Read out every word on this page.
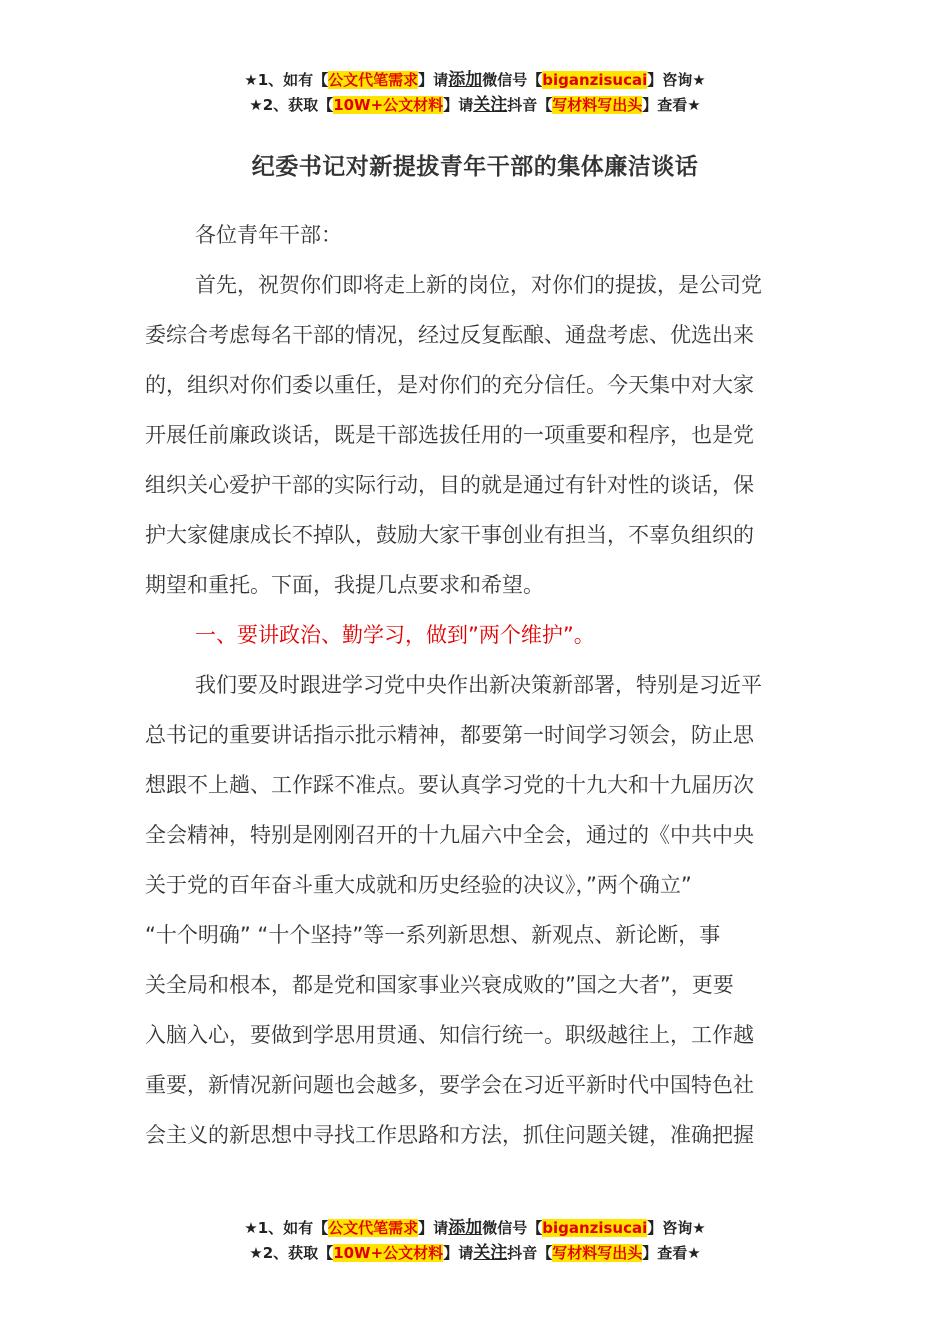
★1、如有【公文代笔需求】请添加微信号【biganzisucai】咨询★
★2、获取【10W+公文材料】请关注抖音【写材料写出头】查看★
纪委书记对新提拔青年干部的集体廉洁谈话
各位青年干部：
首先，祝贺你们即将走上新的岗位，对你们的提拔，是公司党
委综合考虑每名干部的情况，经过反复酝酿、通盘考虑、优选出来
的，组织对你们委以重任，是对你们的充分信任。今天集中对大家
开展任前廉政谈话，既是干部选拔任用的一项重要和程序，也是党
组织关心爱护干部的实际行动，目的就是通过有针对性的谈话，保
护大家健康成长不掉队，鼓励大家干事创业有担当，不辜负组织的
期望和重托。下面，我提几点要求和希望。
一、要讲政治、勤学习，做到”两个维护”。
我们要及时跟进学习党中央作出新决策新部署，特别是习近平
总书记的重要讲话指示批示精神，都要第一时间学习领会，防止思
想跟不上趟、工作踩不准点。要认真学习党的十九大和十九届历次
全会精神，特别是刚刚召开的十九届六中全会，通过的《中共中央
关于党的百年奋斗重大成就和历史经验的决议》，”两个确立”
“十个明确” “十个坚持”等一系列新思想、新观点、新论断，事
关全局和根本，都是党和国家事业兴衰成败的”国之大者”，更要
入脑入心，要做到学思用贯通、知信行统一。职级越往上，工作越
重要，新情况新问题也会越多，要学会在习近平新时代中国特色社
会主义的新思想中寻找工作思路和方法，抓住问题关键，准确把握
★1、如有【公文代笔需求】请添加微信号【biganzisucai】咨询★
★2、获取【10W+公文材料】请关注抖音【写材料写出头】查看★
